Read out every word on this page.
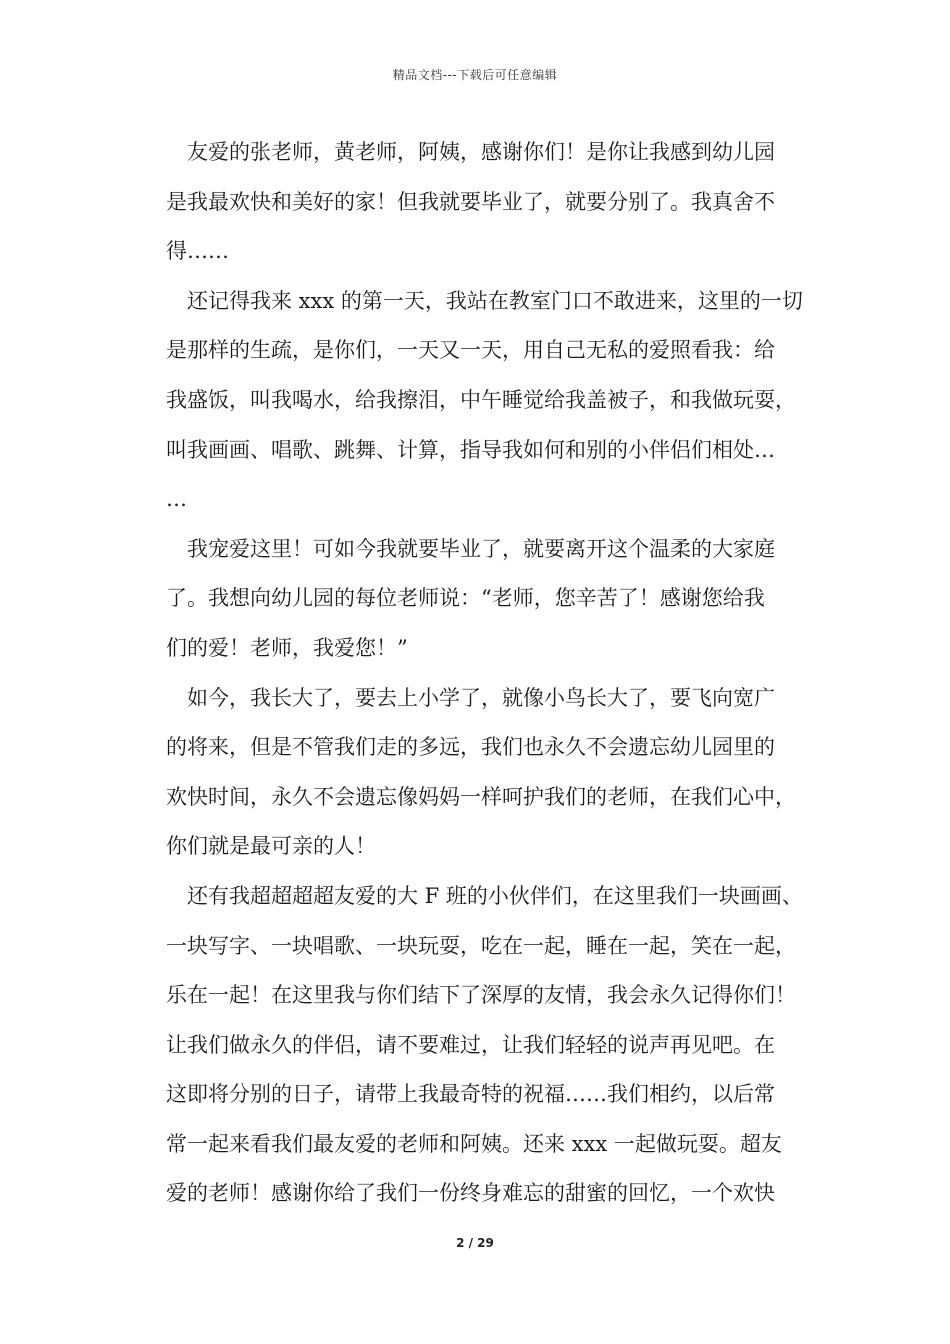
精品文档---下载后可任意编辑
友爱的张老师，黄老师，阿姨，感谢你们！是你让我感到幼儿园
是我最欢快和美好的家！但我就要毕业了，就要分别了。我真舍不
得……
还记得我来 xxx 的第一天，我站在教室门口不敢进来，这里的一切
是那样的生疏，是你们，一天又一天，用自己无私的爱照看我：给
我盛饭，叫我喝水，给我擦泪，中午睡觉给我盖被子，和我做玩耍，
叫我画画、唱歌、跳舞、计算，指导我如何和别的小伴侣们相处…
…
我宠爱这里！可如今我就要毕业了，就要离开这个温柔的大家庭
了。我想向幼儿园的每位老师说：“老师，您辛苦了！感谢您给我
们的爱！老师，我爱您！”
如今，我长大了，要去上小学了，就像小鸟长大了，要飞向宽广
的将来，但是不管我们走的多远，我们也永久不会遗忘幼儿园里的
欢快时间，永久不会遗忘像妈妈一样呵护我们的老师，在我们心中，
你们就是最可亲的人！
还有我超超超超友爱的大 F 班的小伙伴们，在这里我们一块画画、
一块写字、一块唱歌、一块玩耍，吃在一起，睡在一起，笑在一起，
乐在一起！在这里我与你们结下了深厚的友情，我会永久记得你们！
让我们做永久的伴侣，请不要难过，让我们轻轻的说声再见吧。在
这即将分别的日子，请带上我最奇特的祝福……我们相约，以后常
常一起来看我们最友爱的老师和阿姨。还来 xxx 一起做玩耍。超友
爱的老师！感谢你给了我们一份终身难忘的甜蜜的回忆，一个欢快
2 / 29
